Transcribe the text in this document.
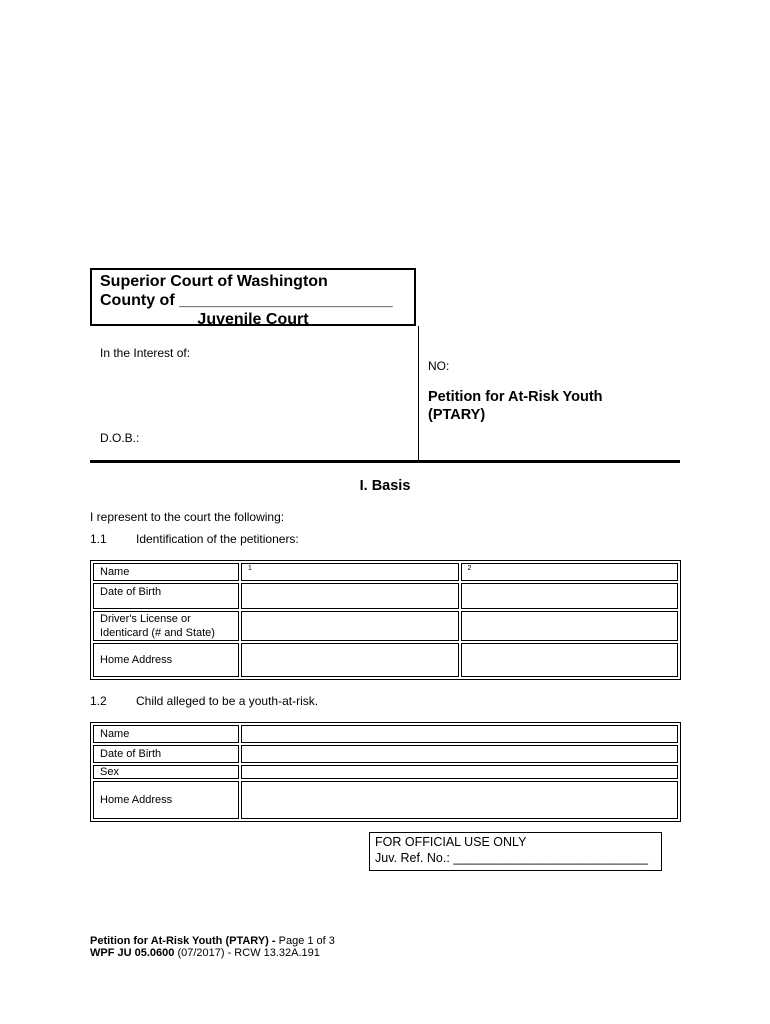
Superior Court of Washington
County of ________________________
Juvenile Court
In the Interest of:
D.O.B.:
NO:
Petition for At-Risk Youth
(PTARY)
I. Basis
I represent to the court the following:
1.1 Identification of the petitioners:
Name	1	2
Date of Birth		

Driver's License or
Identicard (# and State)		

Home Address		
1.2 Child alleged to be a youth-at-risk.
Name	
Date of Birth	
Sex	
Home Address	
FOR OFFICIAL USE ONLY
Juv. Ref. No.: ____________________________
Petition for At-Risk Youth (PTARY) - Page 1 of 3
WPF JU 05.0600 (07/2017) - RCW 13.32A.191
